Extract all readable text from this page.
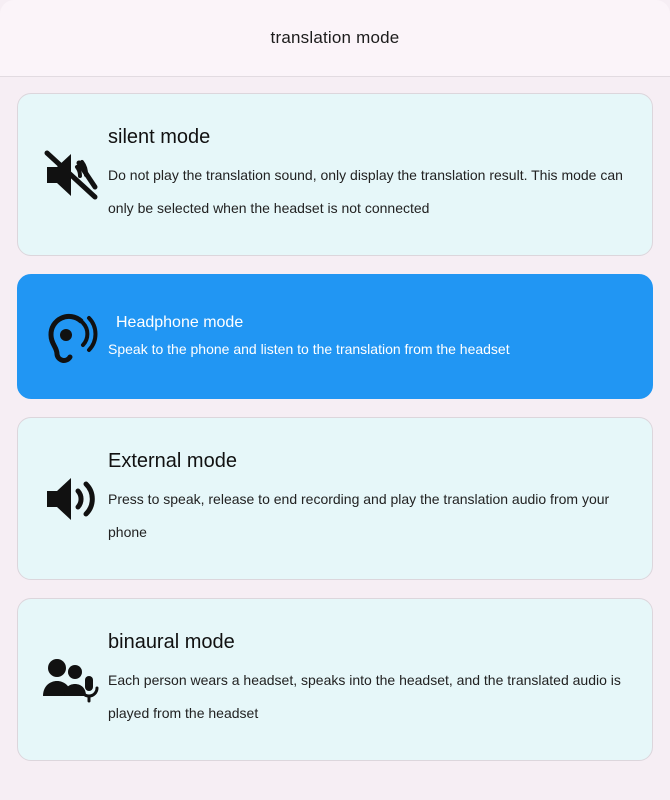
translation mode
silent mode
Do not play the translation sound, only display the translation result. This mode can only be selected when the headset is not connected
Headphone mode
Speak to the phone and listen to the translation from the headset
External mode
Press to speak, release to end recording and play the translation audio from your phone
binaural mode
Each person wears a headset, speaks into the headset, and the translated audio is played from the headset
